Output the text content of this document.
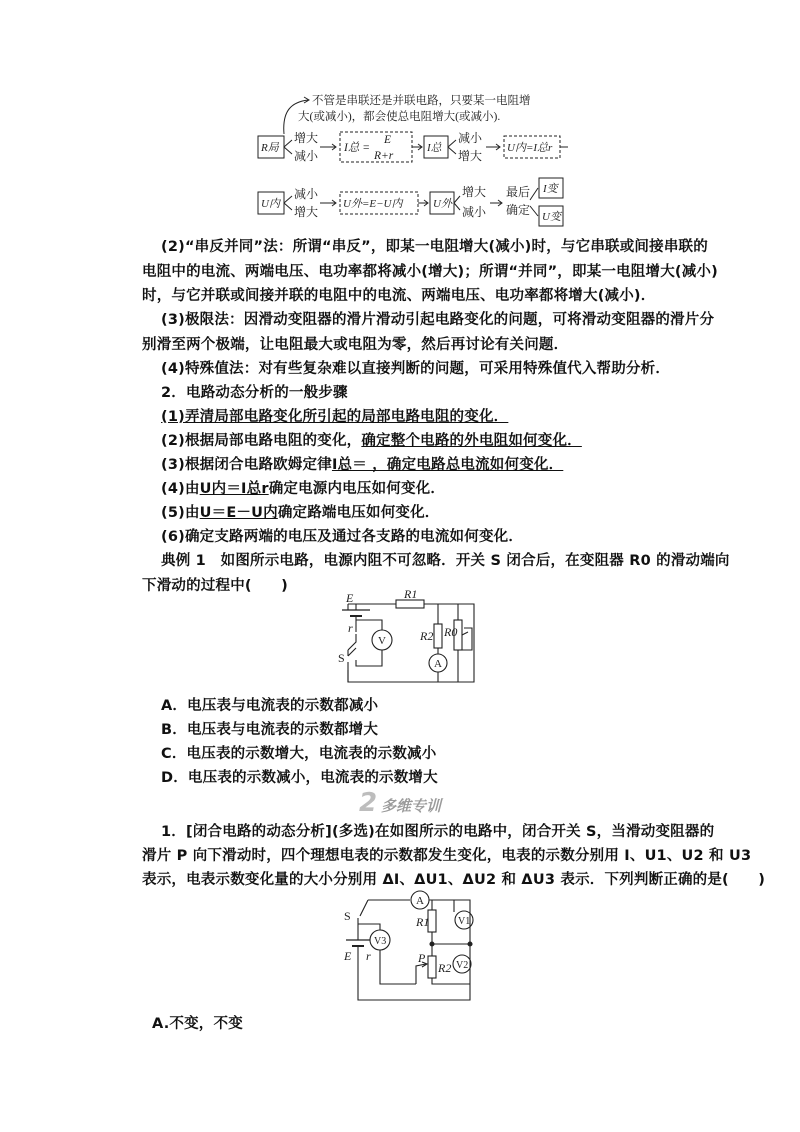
不管是串联还是并联电路，只要某一电阻增
大(或减小)，都会使总电阻增大(或减小).
R局
增大
减小
I总 =
E
R+r
I总
减小
增大
U内=I总r
U内
减小
增大
U外=E−U内	U外
增大
减小
最后
确定
I变
U变
(2)“串反并同”法：所谓“串反”，即某一电阻增大(减小)时，与它串联或间接串联的
电阻中的电流、两端电压、电功率都将减小(增大)；所谓“并同”，即某一电阻增大(减小)
时，与它并联或间接并联的电阻中的电流、两端电压、电功率都将增大(减小)．
(3)极限法：因滑动变阻器的滑片滑动引起电路变化的问题，可将滑动变阻器的滑片分
别滑至两个极端，让电阻最大或电阻为零，然后再讨论有关问题．
(4)特殊值法：对有些复杂难以直接判断的问题，可采用特殊值代入帮助分析．
2．电路动态分析的一般步骤
(1)弄清局部电路变化所引起的局部电路电阻的变化．
(2)根据局部电路电阻的变化，确定整个电路的外电阻如何变化．
(3)根据闭合电路欧姆定律I总＝ ，确定电路总电流如何变化．
(4)由U内＝I总r确定电源内电压如何变化．
(5)由U＝E－U内确定路端电压如何变化．
(6)确定支路两端的电压及通过各支路的电流如何变化．
典例 1　如图所示电路，电源内阻不可忽略．开关 S 闭合后，在变阻器 R0 的滑动端向
下滑动的过程中(　　)
E
r
S
R1
R2 R0
V
A
A．电压表与电流表的示数都减小
B．电压表与电流表的示数都增大
C．电压表的示数增大，电流表的示数减小
D．电压表的示数减小，电流表的示数增大
2 多维专训
1．[闭合电路的动态分析](多选)在如图所示的电路中，闭合开关 S，当滑动变阻器的
滑片 P 向下滑动时，四个理想电表的示数都发生变化，电表的示数分别用 I、U1、U2 和 U3
表示，电表示数变化量的大小分别用 ΔI、ΔU1、ΔU2 和 ΔU3 表示．下列判断正确的是(　　)
A
S	R1	V1
V3
P
R2 V2
E r
A.不变，不变
